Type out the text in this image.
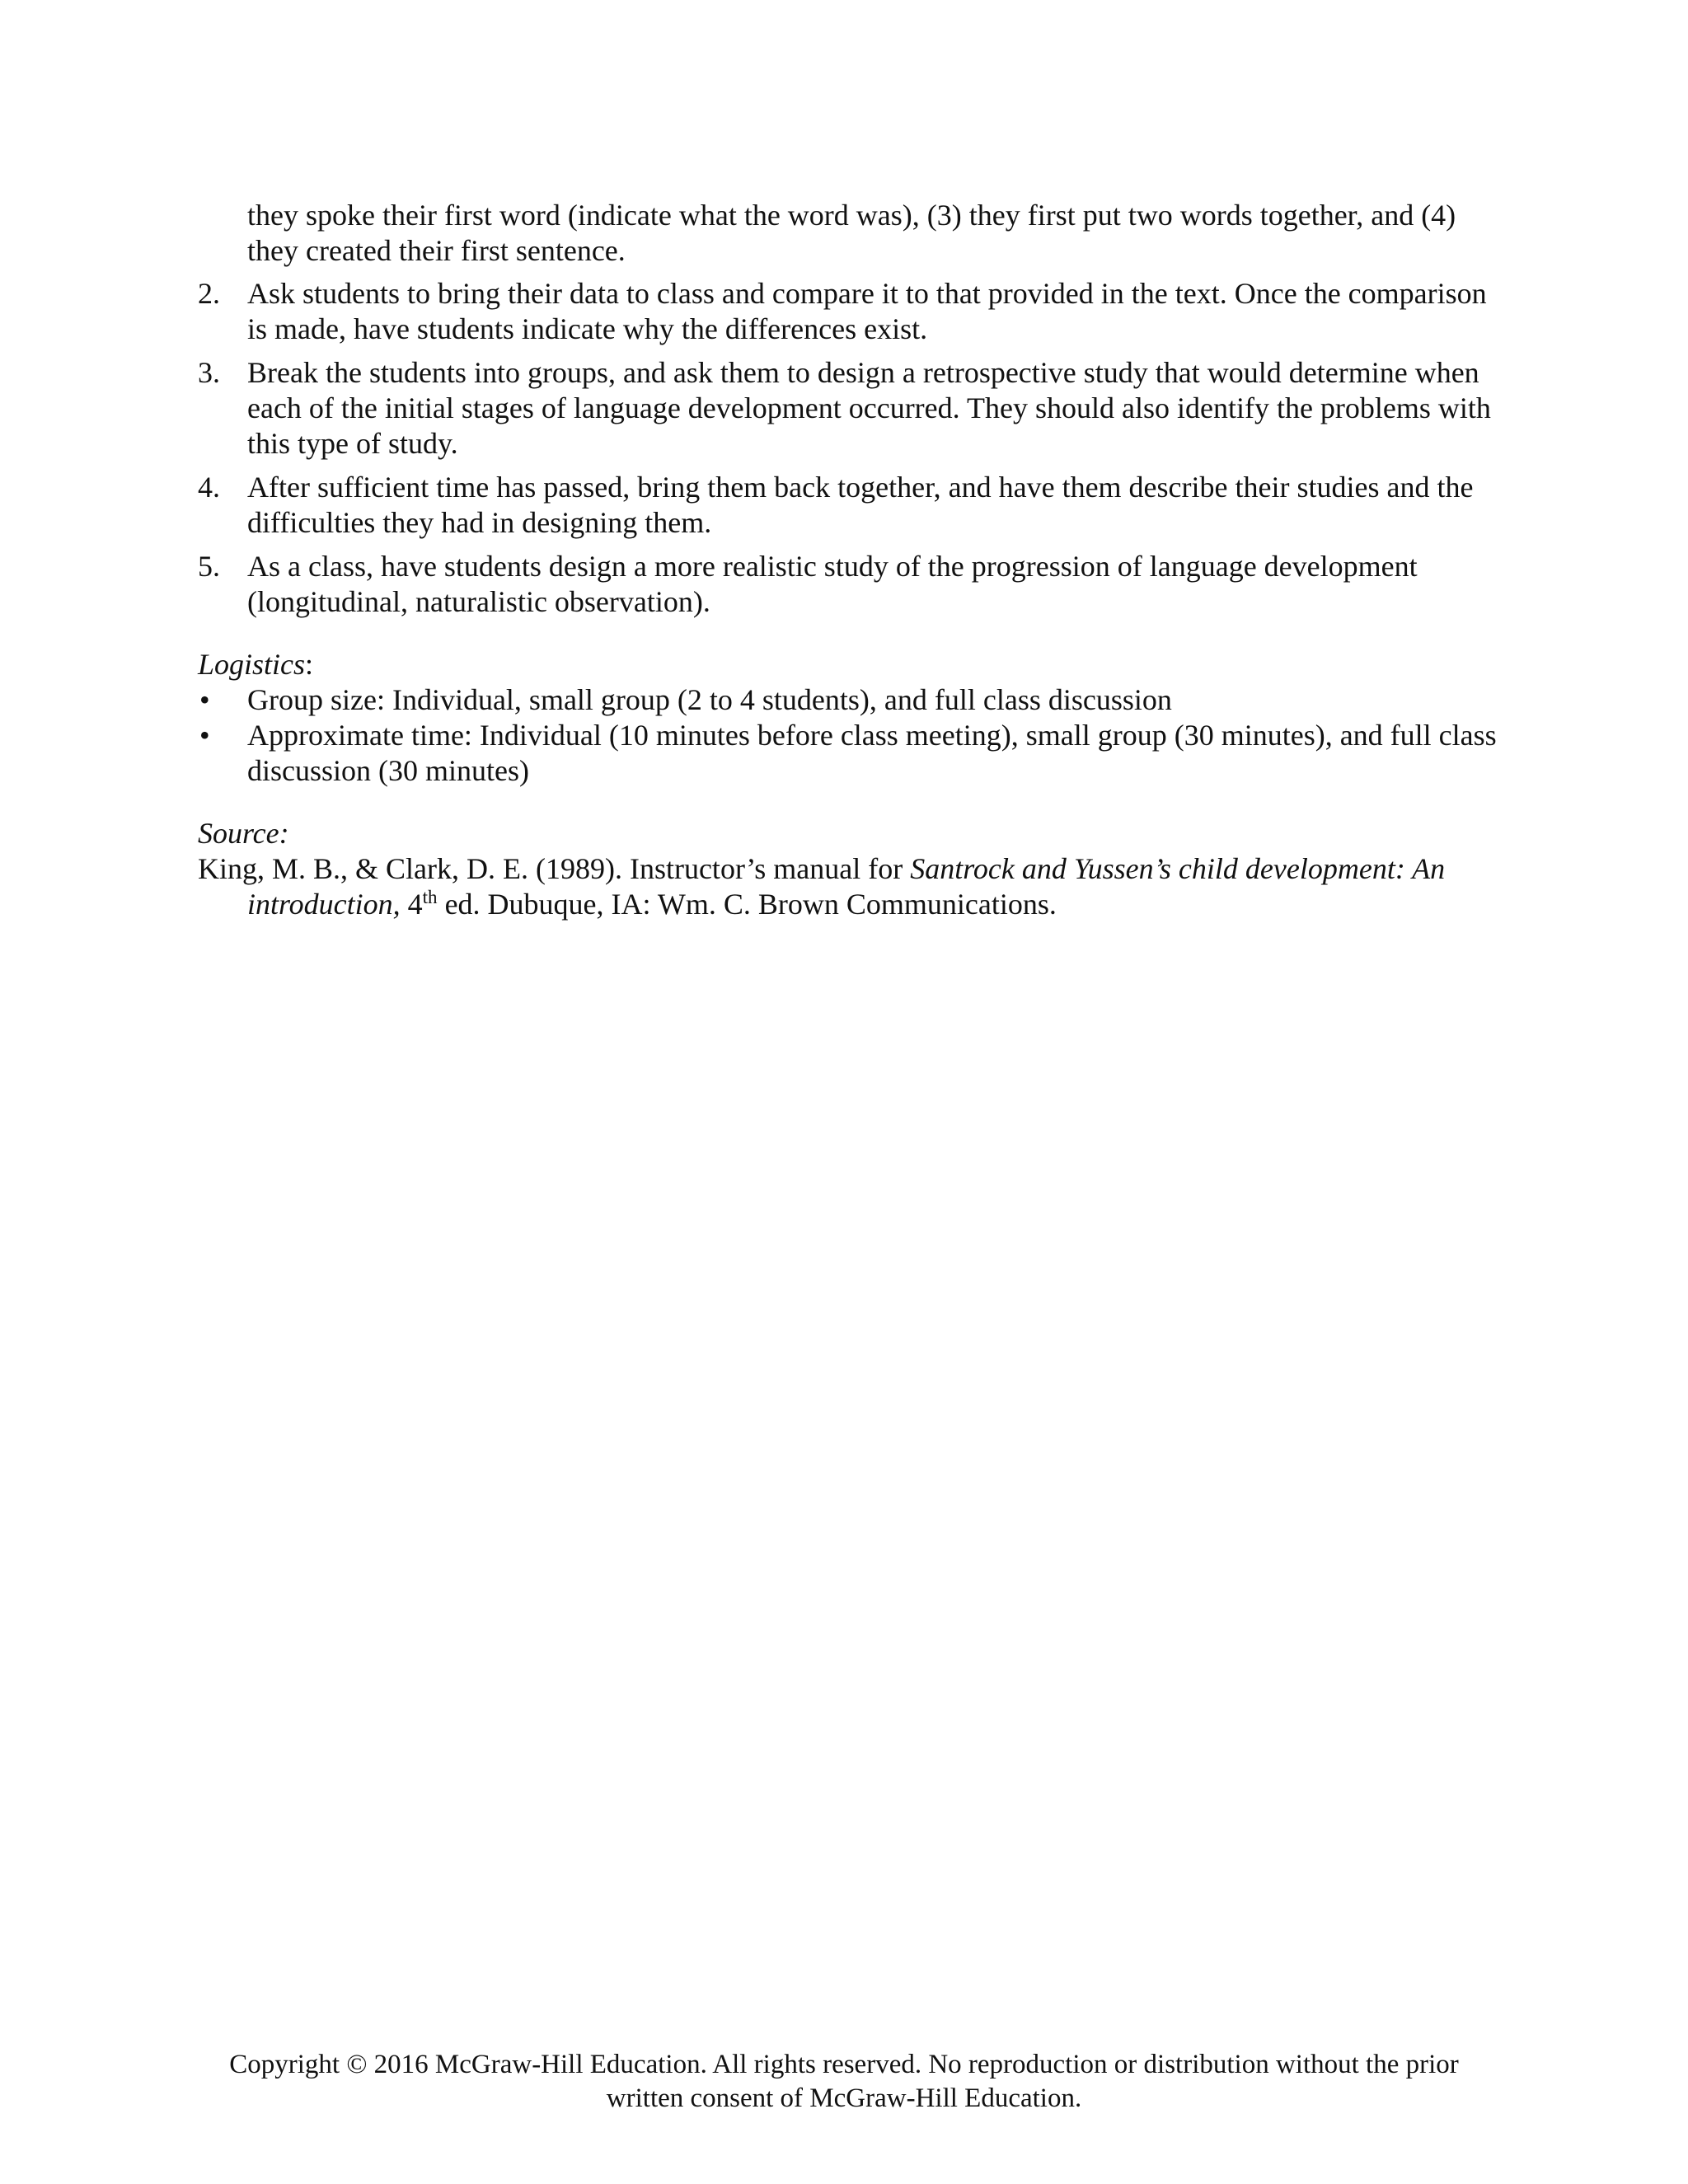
they spoke their first word (indicate what the word was), (3) they first put two words together, and (4) they created their first sentence.
2. Ask students to bring their data to class and compare it to that provided in the text. Once the comparison is made, have students indicate why the differences exist.
3. Break the students into groups, and ask them to design a retrospective study that would determine when each of the initial stages of language development occurred. They should also identify the problems with this type of study.
4. After sufficient time has passed, bring them back together, and have them describe their studies and the difficulties they had in designing them.
5. As a class, have students design a more realistic study of the progression of language development (longitudinal, naturalistic observation).
Logistics:
• Group size: Individual, small group (2 to 4 students), and full class discussion
• Approximate time: Individual (10 minutes before class meeting), small group (30 minutes), and full class discussion (30 minutes)
Source:
King, M. B., & Clark, D. E. (1989). Instructor’s manual for Santrock and Yussen’s child development: An introduction, 4th ed. Dubuque, IA: Wm. C. Brown Communications.
Copyright © 2016 McGraw-Hill Education. All rights reserved. No reproduction or distribution without the prior
written consent of McGraw-Hill Education.
